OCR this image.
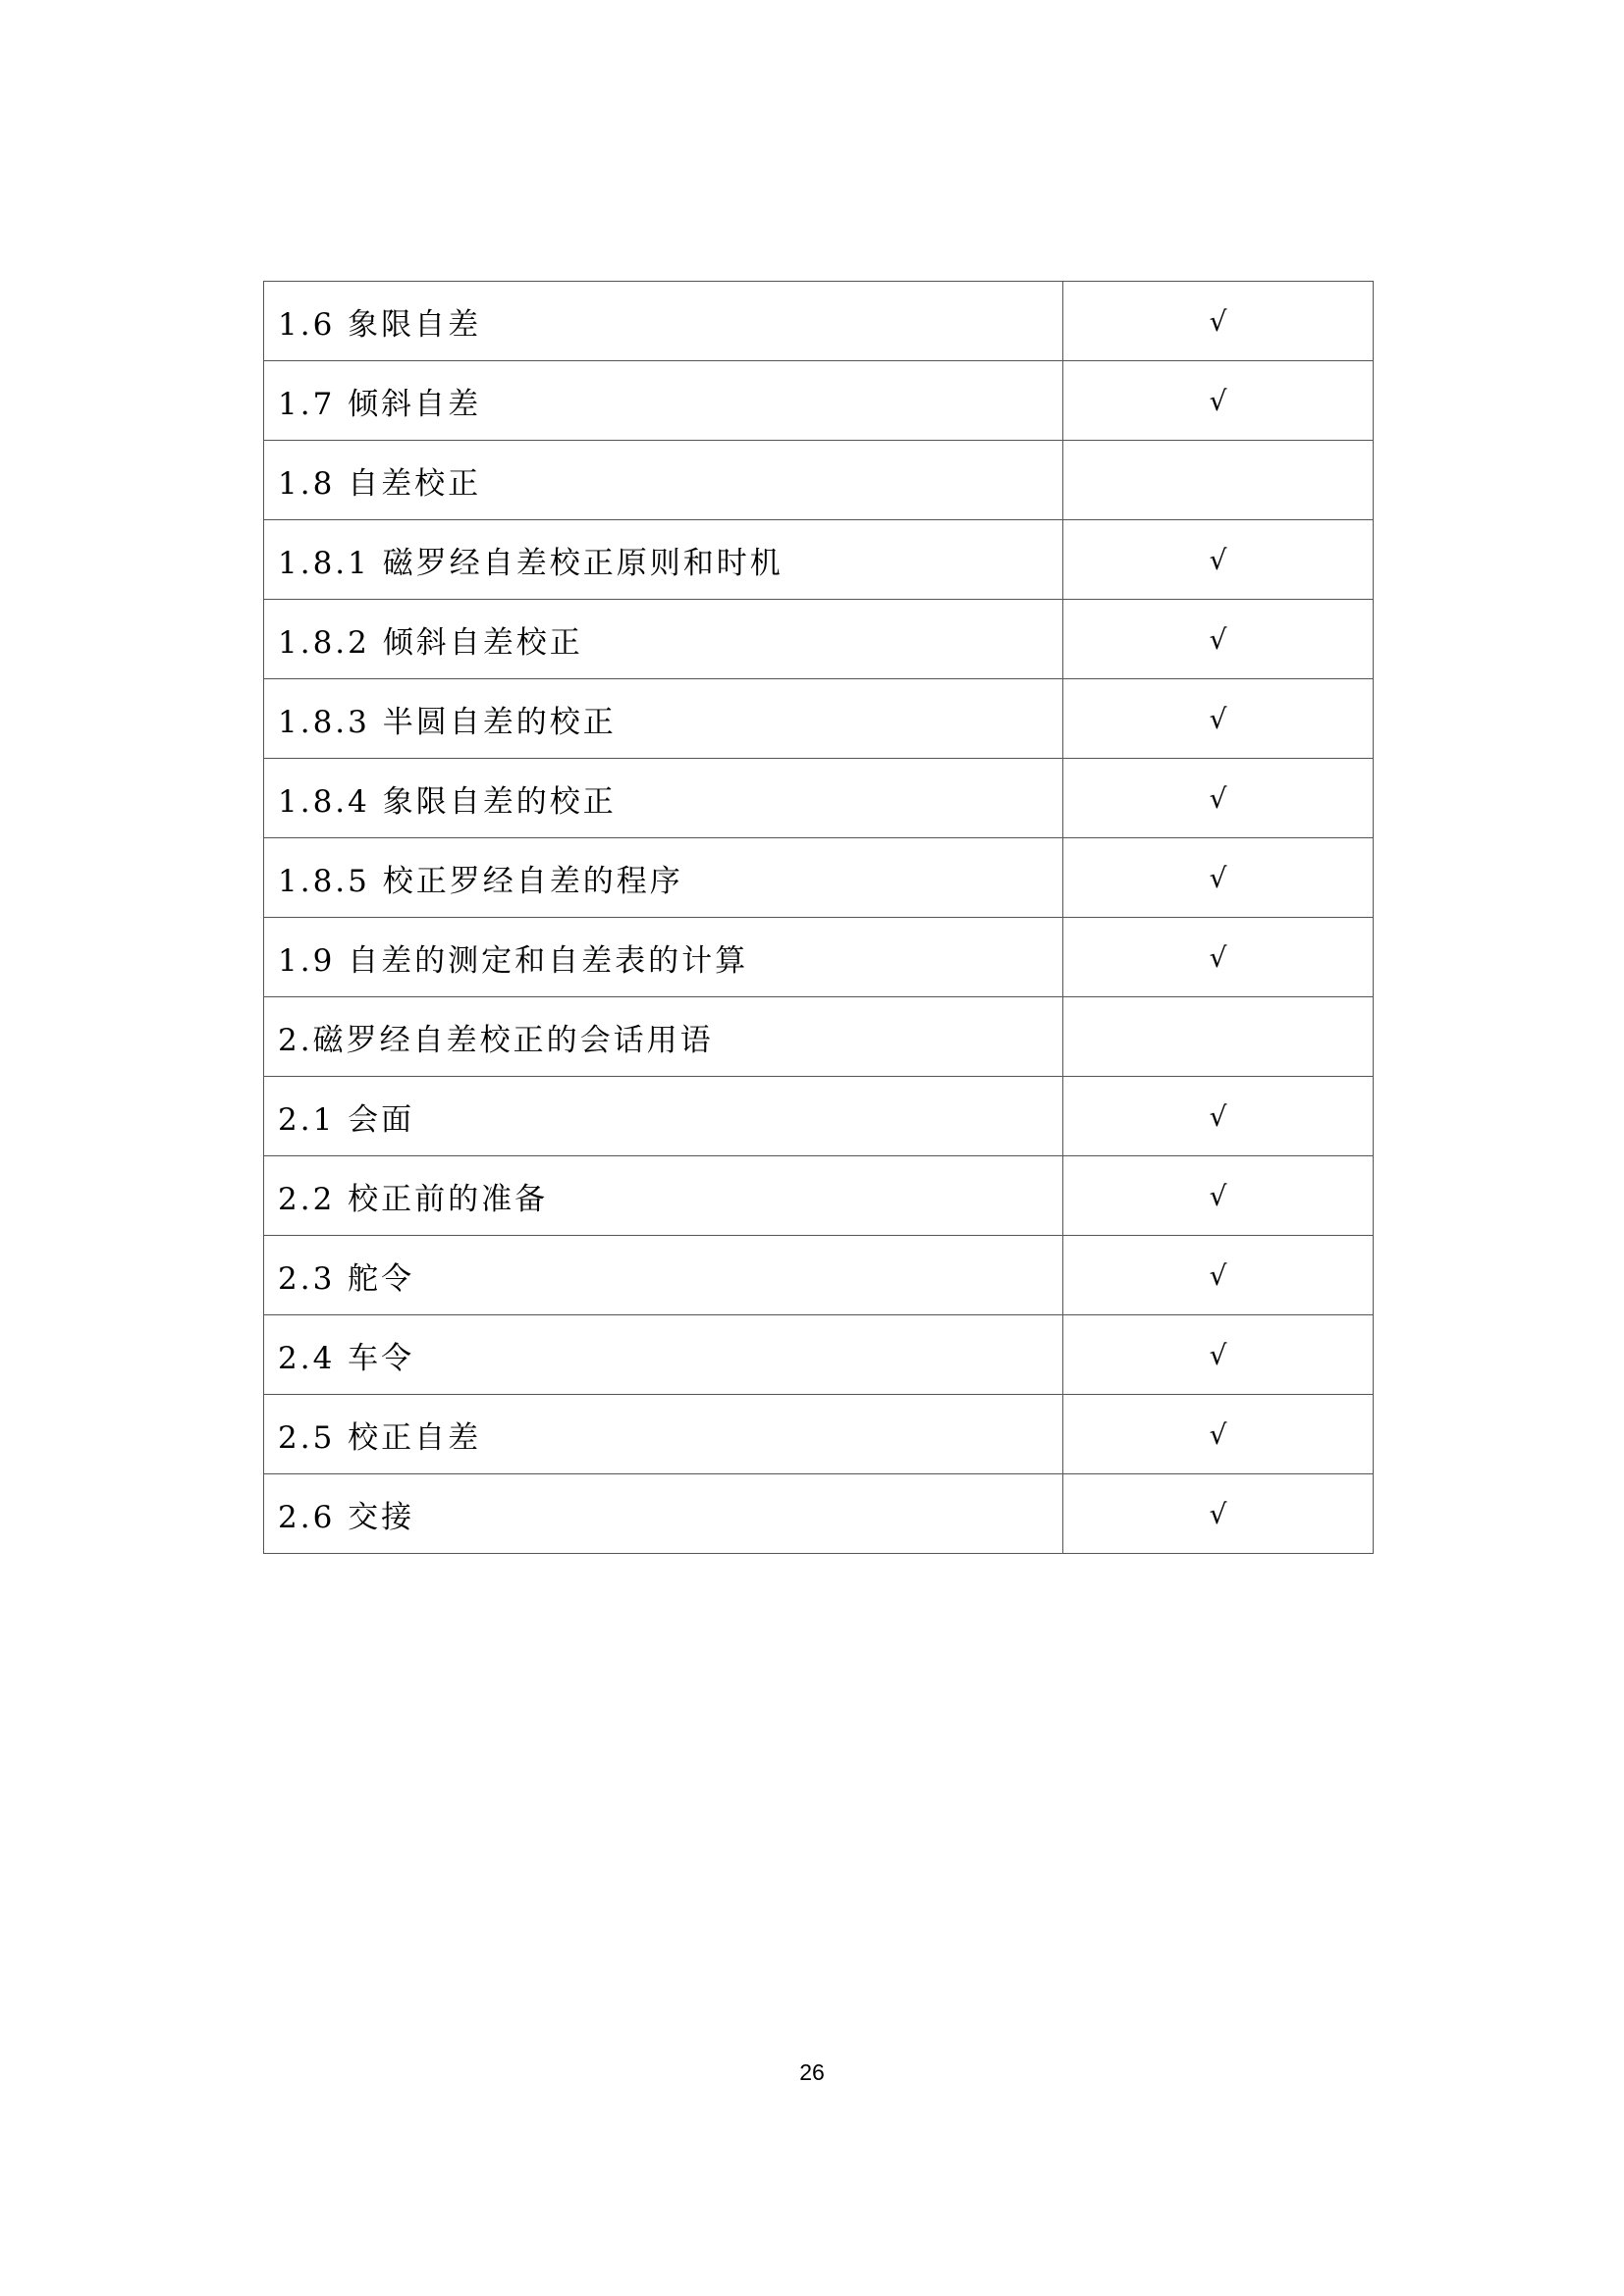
1.6 象限自差	√
1.7 倾斜自差	√
1.8 自差校正	
1.8.1 磁罗经自差校正原则和时机	√
1.8.2 倾斜自差校正	√
1.8.3 半圆自差的校正	√
1.8.4 象限自差的校正	√
1.8.5 校正罗经自差的程序	√
1.9 自差的测定和自差表的计算	√
2.磁罗经自差校正的会话用语	
2.1 会面	√
2.2 校正前的准备	√
2.3 舵令	√
2.4 车令	√
2.5 校正自差	√
2.6 交接	√
26
